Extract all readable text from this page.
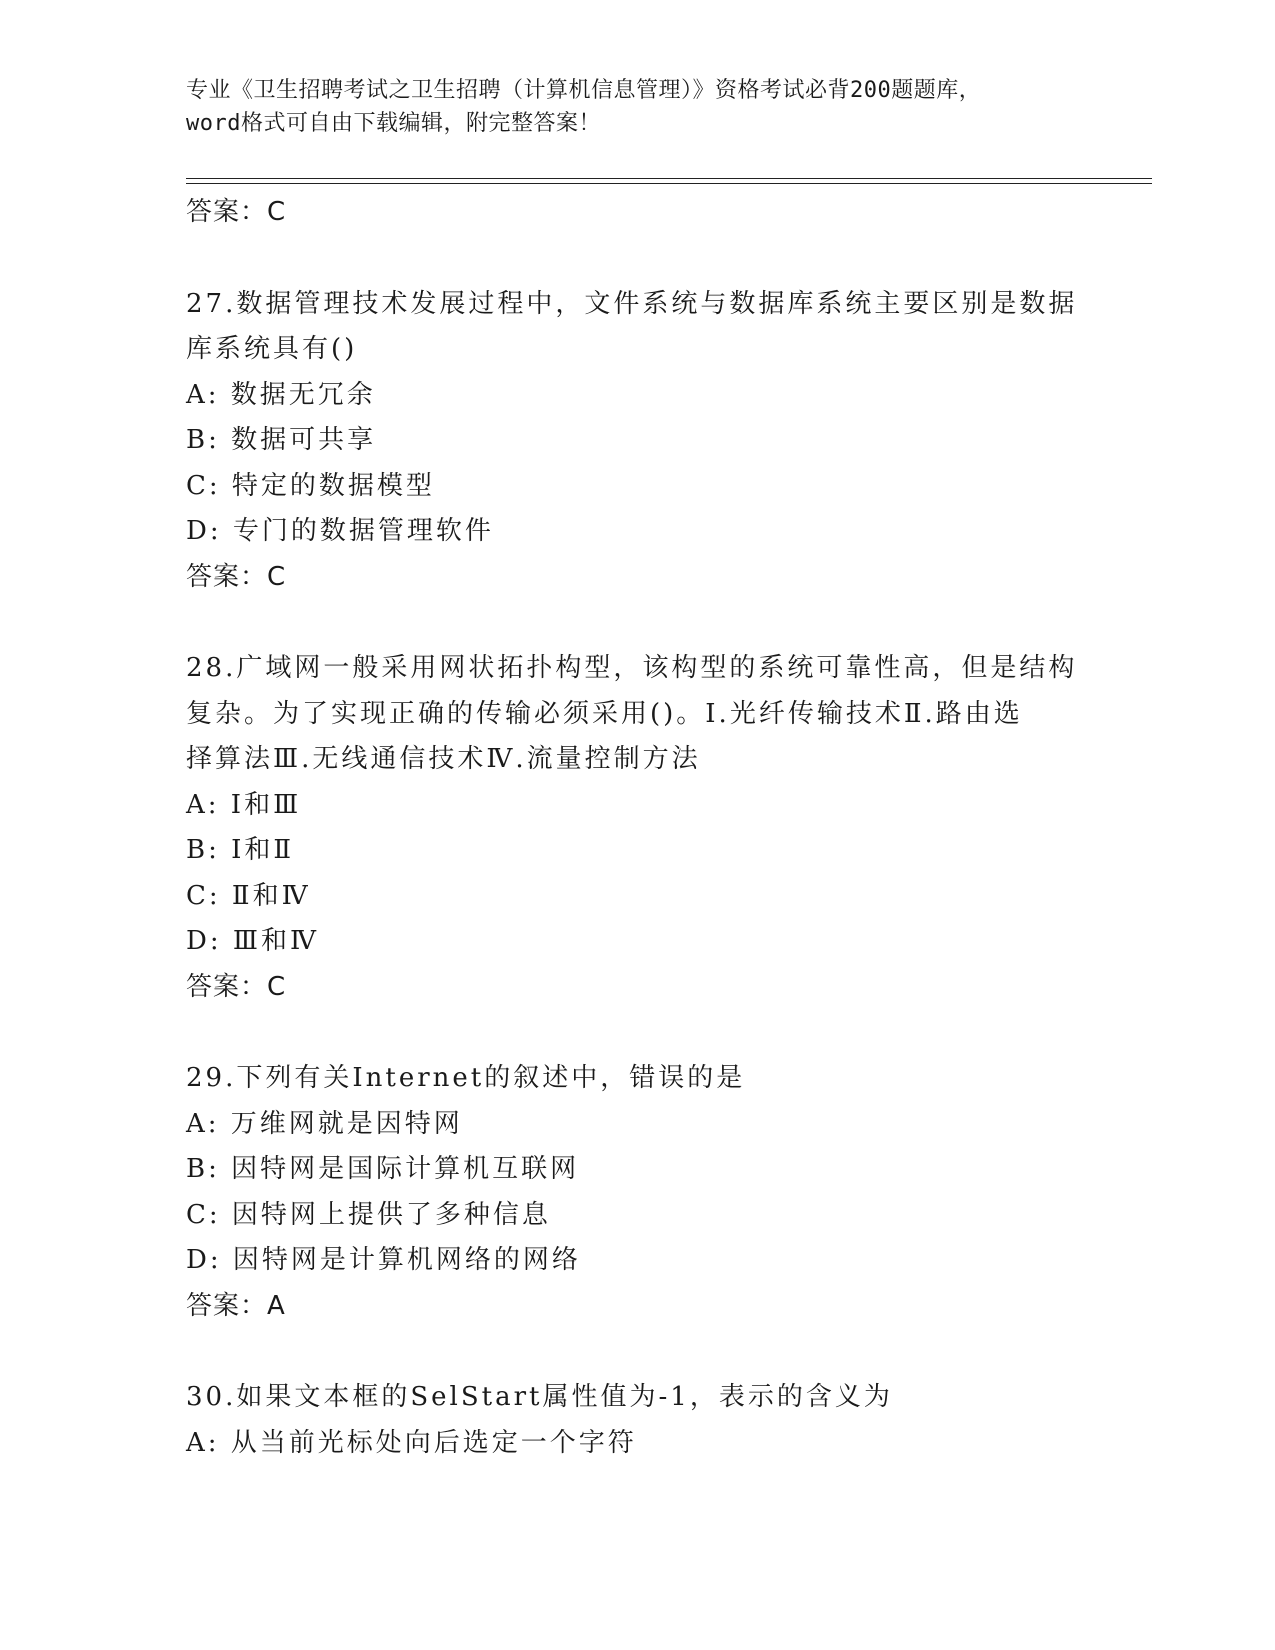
专业《卫生招聘考试之卫生招聘（计算机信息管理）》资格考试必背200题题库，
word格式可自由下载编辑，附完整答案！
答案：C
27.数据管理技术发展过程中，文件系统与数据库系统主要区别是数据
库系统具有()
A: 数据无冗余
B: 数据可共享
C: 特定的数据模型
D: 专门的数据管理软件
答案：C
28.广域网一般采用网状拓扑构型，该构型的系统可靠性高，但是结构
复杂。为了实现正确的传输必须采用()。Ⅰ.光纤传输技术Ⅱ.路由选
择算法Ⅲ.无线通信技术Ⅳ.流量控制方法
A: Ⅰ和Ⅲ
B: Ⅰ和Ⅱ
C: Ⅱ和Ⅳ
D: Ⅲ和Ⅳ
答案：C
29.下列有关Internet的叙述中，错误的是
A: 万维网就是因特网
B: 因特网是国际计算机互联网
C: 因特网上提供了多种信息
D: 因特网是计算机网络的网络
答案：A
30.如果文本框的SelStart属性值为-1，表示的含义为
A: 从当前光标处向后选定一个字符
